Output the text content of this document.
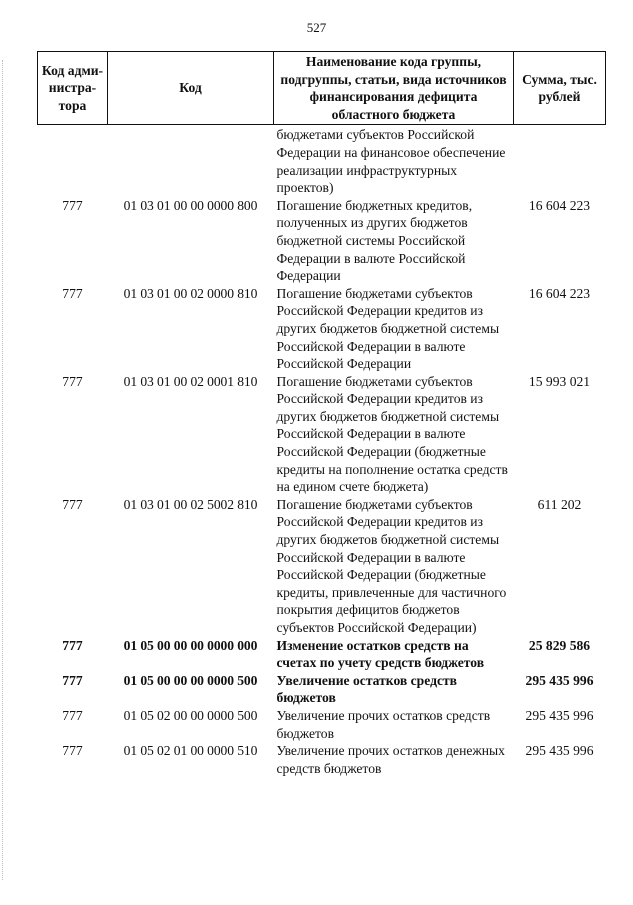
527
Код адми-нистра-тора	Код	Наименование кода группы, подгруппы, статьи, вида источников финансирования дефицита областного бюджета	Сумма, тыс. рублей
		бюджетами субъектов Российской Федерации на финансовое обеспечение реализации инфраструктурных проектов)	
777	01 03 01 00 00 0000 800	Погашение бюджетных кредитов, полученных из других бюджетов бюджетной системы Российской Федерации в валюте Российской Федерации	16 604 223
777	01 03 01 00 02 0000 810	Погашение бюджетами субъектов Российской Федерации кредитов из других бюджетов бюджетной системы Российской Федерации в валюте Российской Федерации	16 604 223
777	01 03 01 00 02 0001 810	Погашение бюджетами субъектов Российской Федерации кредитов из других бюджетов бюджетной системы Российской Федерации в валюте Российской Федерации (бюджетные кредиты на пополнение остатка средств на едином счете бюджета)	15 993 021
777	01 03 01 00 02 5002 810	Погашение бюджетами субъектов Российской Федерации кредитов из других бюджетов бюджетной системы Российской Федерации в валюте Российской Федерации (бюджетные кредиты, привлеченные для частичного покрытия дефицитов бюджетов субъектов Российской Федерации)	611 202
777	01 05 00 00 00 0000 000	Изменение остатков средств на счетах по учету средств бюджетов	25 829 586
777	01 05 00 00 00 0000 500	Увеличение остатков средств бюджетов	295 435 996
777	01 05 02 00 00 0000 500	Увеличение прочих остатков средств бюджетов	295 435 996
777	01 05 02 01 00 0000 510	Увеличение прочих остатков денежных средств бюджетов	295 435 996
